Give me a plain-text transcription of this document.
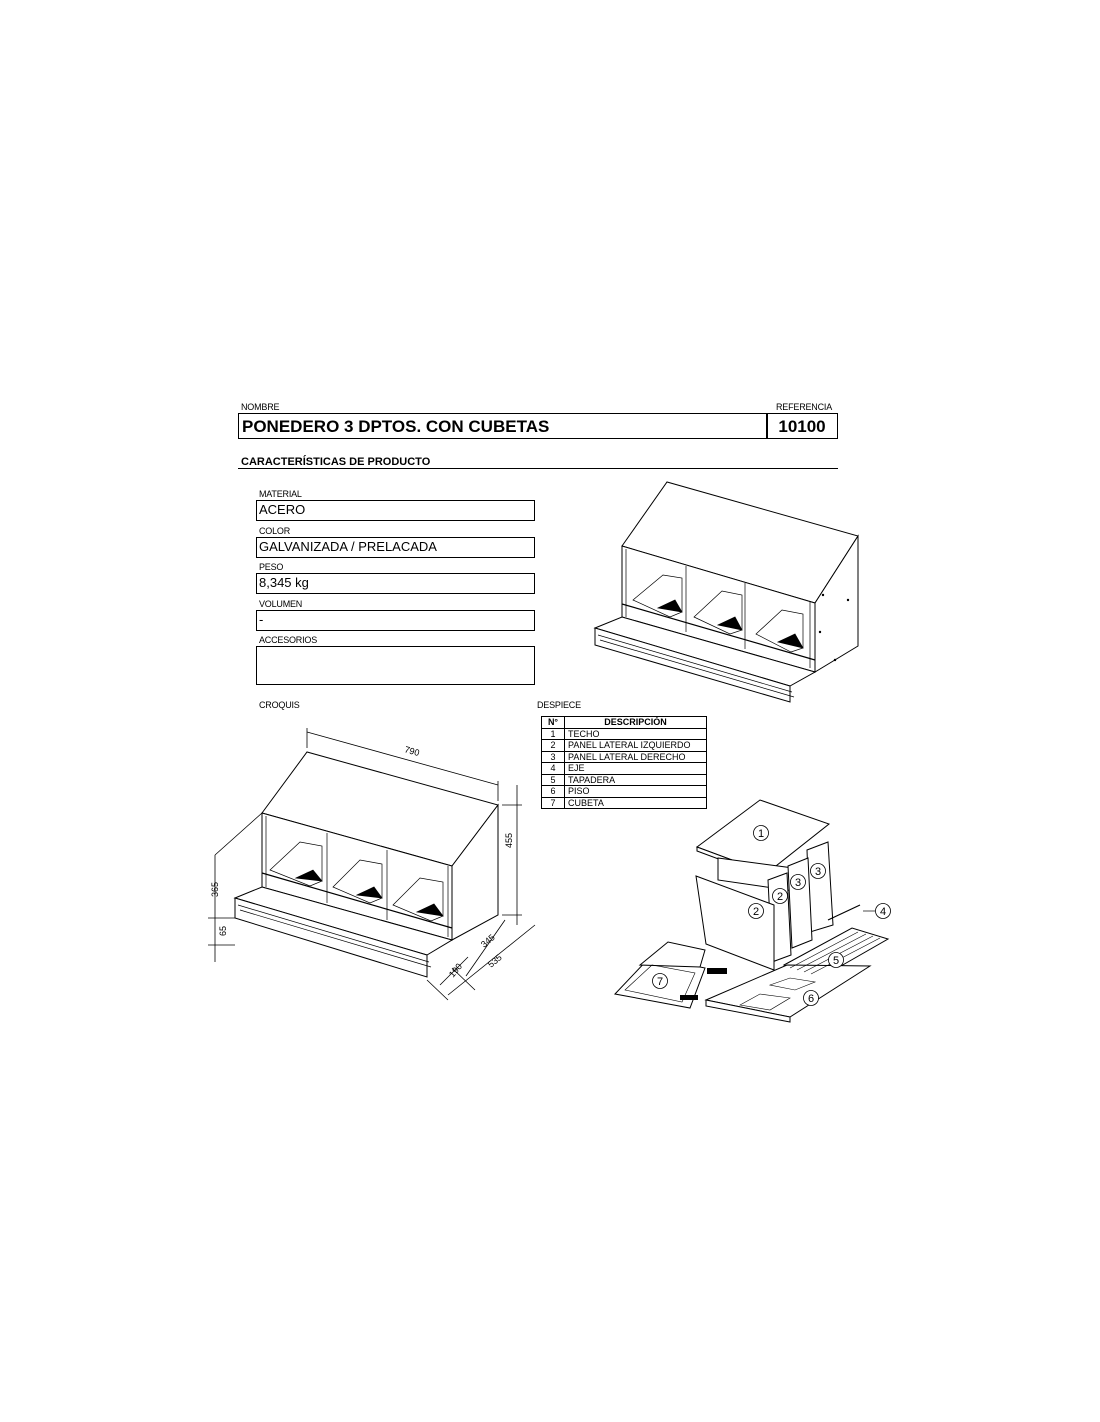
NOMBRE	REFERENCIA
PONEDERO 3 DPTOS. CON CUBETAS	10100
CARACTERÍSTICAS DE PRODUCTO
MATERIAL
ACERO
COLOR
GALVANIZADA / PRELACADA
PESO
8,345 kg
VOLUMEN
-
ACCESORIOS
CROQUIS
790
455
365
65
345
190
535
DESPIECE
N°	DESCRIPCIÓN
1	TECHO
2	PANEL LATERAL IZQUIERDO
3	PANEL LATERAL DERECHO
4	EJE
5	TAPADERA
6	PISO
7	CUBETA
1
2
2
3
3
4
5
6
7
